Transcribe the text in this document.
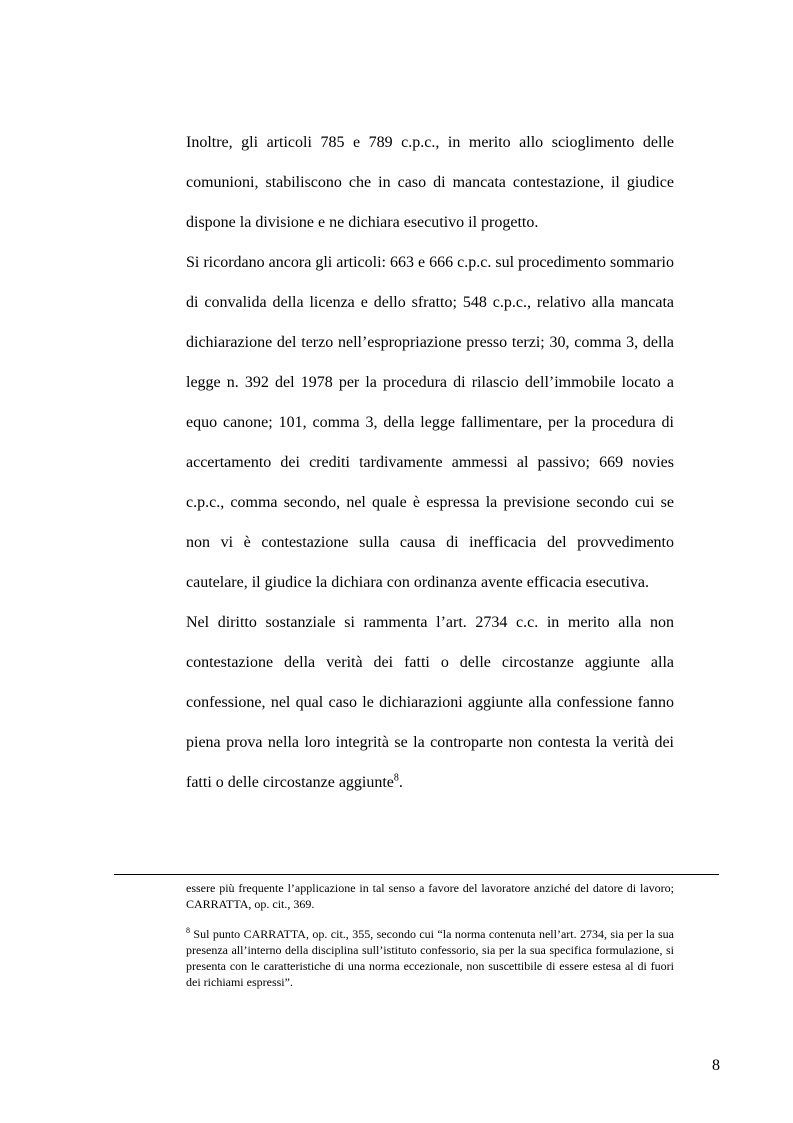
Inoltre, gli articoli 785 e 789 c.p.c., in merito allo scioglimento delle comunioni, stabiliscono che in caso di mancata contestazione, il giudice dispone la divisione e ne dichiara esecutivo il progetto.

Si ricordano ancora gli articoli: 663 e 666 c.p.c. sul procedimento sommario di convalida della licenza e dello sfratto; 548 c.p.c., relativo alla mancata dichiarazione del terzo nell’espropriazione presso terzi; 30, comma 3, della legge n. 392 del 1978 per la procedura di rilascio dell’immobile locato a equo canone; 101, comma 3, della legge fallimentare, per la procedura di accertamento dei crediti tardivamente ammessi al passivo; 669 novies c.p.c., comma secondo, nel quale è espressa la previsione secondo cui se non vi è contestazione sulla causa di inefficacia del provvedimento cautelare, il giudice la dichiara con ordinanza avente efficacia esecutiva.

Nel diritto sostanziale si rammenta l’art. 2734 c.c. in merito alla non contestazione della verità dei fatti o delle circostanze aggiunte alla confessione, nel qual caso le dichiarazioni aggiunte alla confessione fanno piena prova nella loro integrità se la controparte non contesta la verità dei fatti o delle circostanze aggiunte$^8$.

essere più frequente l’applicazione in tal senso a favore del lavoratore anziché del datore di lavoro; CARRATTA, op. cit., 369.

$^8$ Sul punto CARRATTA, op. cit., 355, secondo cui “la norma contenuta nell’art. 2734, sia per la sua presenza all’interno della disciplina sull’istituto confessorio, sia per la sua specifica formulazione, si presenta con le caratteristiche di una norma eccezionale, non suscettibile di essere estesa al di fuori dei richiami espressi”.

8
